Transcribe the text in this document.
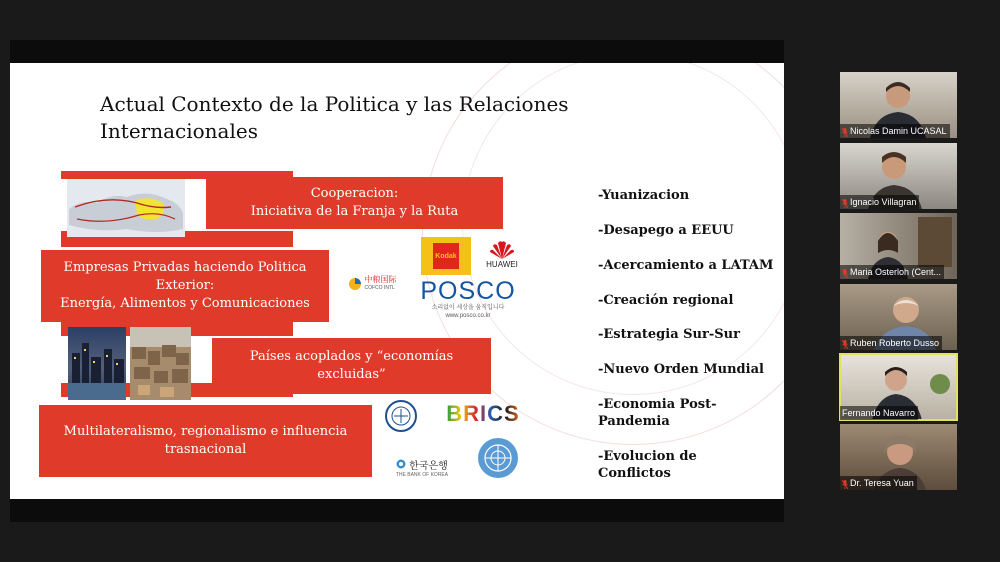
Actual Contexto de la Politica y las Relaciones
Internacionales
Cooperacion:
Iniciativa de la Franja y la Ruta
Empresas Privadas haciendo Politica
Exterior:
Energía, Alimentos y Comunicaciones
中粮国际
COFCO INTL
Kodak
HUAWEI
POSCO
소리없이 세상을 움직입니다
www.posco.co.kr
Países acoplados y “economías
excluidas”
Multilateralismo, regionalismo e influencia
trasnacional
BRICS
한국은행
THE BANK OF KOREA
-Yuanizacion
-Desapego a EEUU
-Acercamiento a LATAM
-Creación regional
-Estrategia Sur-Sur
-Nuevo Orden Mundial
-Economia Post-
Pandemia
-Evolucion de
Conflictos
Nicolas Damin UCASAL
Ignacio Villagran
Maria Osterloh (Cent...
Ruben Roberto Dusso
Fernando Navarro
Dr. Teresa Yuan
